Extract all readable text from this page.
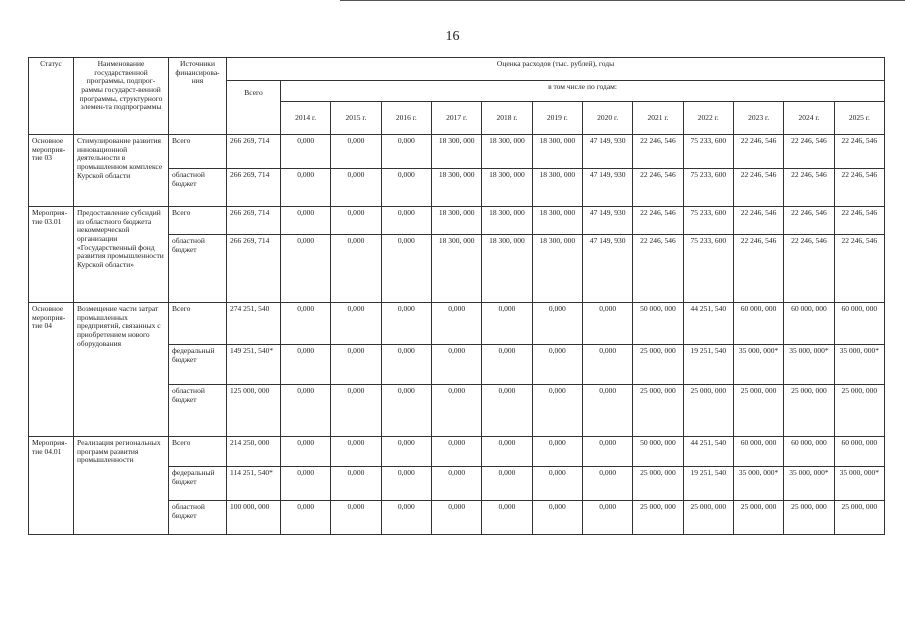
16
Статус	Наименование государственной программы, подпрог-раммы государст-венной программы, структурного элемен-та подпрограммы	Источники финансирова-ния	Оценка расходов (тыс. рублей), годы												
			Всего	в том числе по годам:											
				2014 г.	2015 г.	2016 г.	2017 г.	2018 г.	2019 г.	2020 г.	2021 г.	2022 г.	2023 г.	2024 г.	2025 г.
Основное мероприя-тие 03	Стимулирование развития инновационной деятельности в промышленном комплексе Курской области	Всего	266 269, 714	0,000	0,000	0,000	18 300, 000	18 300, 000	18 300, 000	47 149, 930	22 246, 546	75 233, 600	22 246, 546	22 246, 546	22 246, 546
		областной бюджет	266 269, 714	0,000	0,000	0,000	18 300, 000	18 300, 000	18 300, 000	47 149, 930	22 246, 546	75 233, 600	22 246, 546	22 246, 546	22 246, 546
Мероприя-тие 03.01	Предоставление субсидий из областного бюджета некоммерческой организации «Государственный фонд развития промышленности Курской области»	Всего	266 269, 714	0,000	0,000	0,000	18 300, 000	18 300, 000	18 300, 000	47 149, 930	22 246, 546	75 233, 600	22 246, 546	22 246, 546	22 246, 546
		областной бюджет	266 269, 714	0,000	0,000	0,000	18 300, 000	18 300, 000	18 300, 000	47 149, 930	22 246, 546	75 233, 600	22 246, 546	22 246, 546	22 246, 546
Основное мероприя-тие 04	Возмещение части затрат промышленных предприятий, связанных с приобретением нового оборудования	Всего	274 251, 540	0,000	0,000	0,000	0,000	0,000	0,000	0,000	50 000, 000	44 251, 540	60 000, 000	60 000, 000	60 000, 000
		федеральный бюджет	149 251, 540*	0,000	0,000	0,000	0,000	0,000	0,000	0,000	25 000, 000	19 251, 540	35 000, 000*	35 000, 000*	35 000, 000*
		областной бюджет	125 000, 000	0,000	0,000	0,000	0,000	0,000	0,000	0,000	25 000, 000	25 000, 000	25 000, 000	25 000, 000	25 000, 000
Мероприя-тие 04.01	Реализация региональных программ развития промышленности	Всего	214 250, 000	0,000	0,000	0,000	0,000	0,000	0,000	0,000	50 000, 000	44 251, 540	60 000, 000	60 000, 000	60 000, 000
		федеральный бюджет	114 251, 540*	0,000	0,000	0,000	0,000	0,000	0,000	0,000	25 000, 000	19 251, 540	35 000, 000*	35 000, 000*	35 000, 000*
		областной бюджет	100 000, 000	0,000	0,000	0,000	0,000	0,000	0,000	0,000	25 000, 000	25 000, 000	25 000, 000	25 000, 000	25 000, 000
